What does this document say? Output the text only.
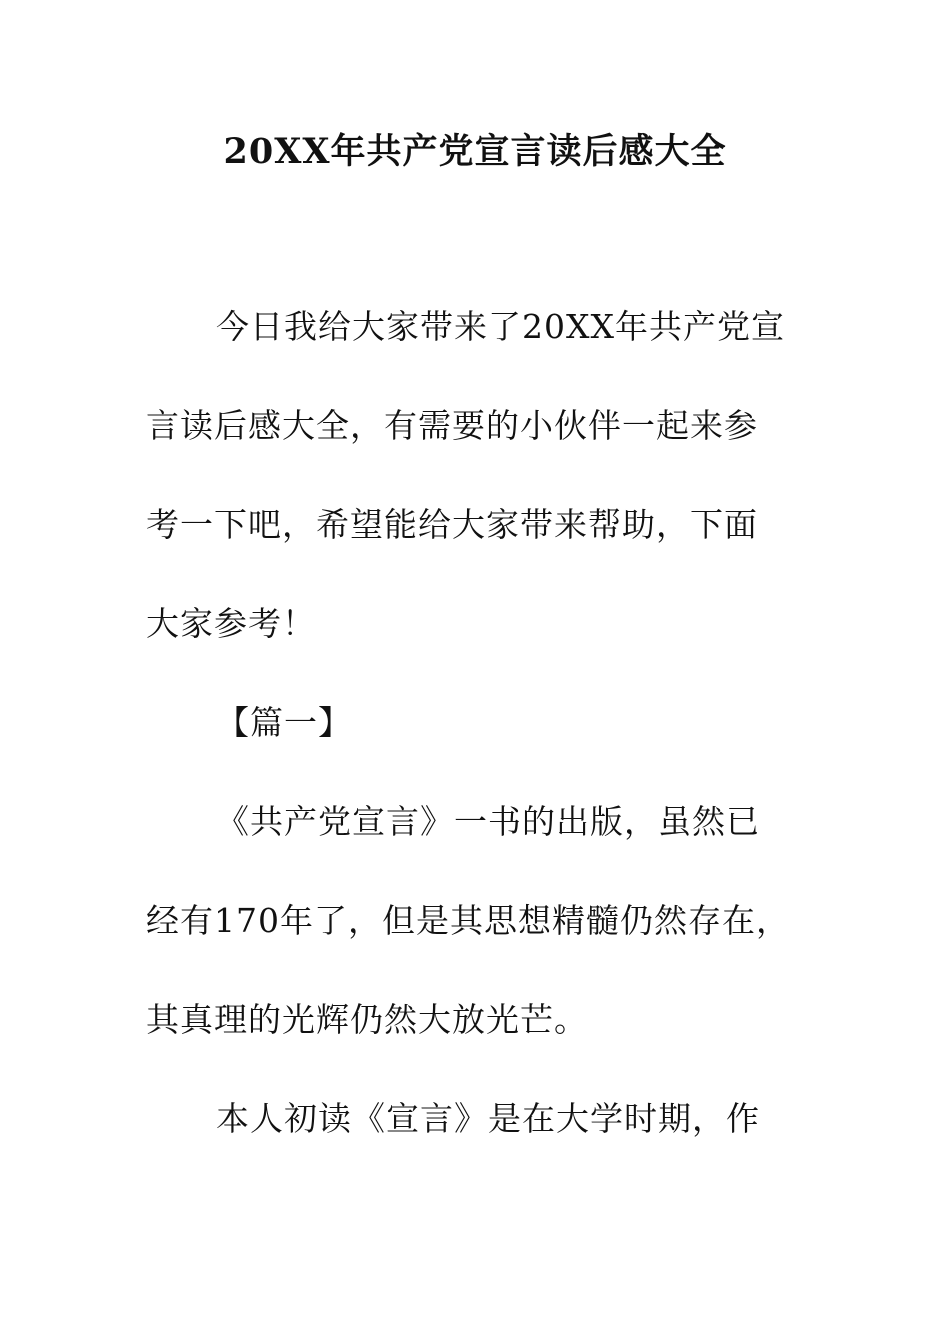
20XX年共产党宣言读后感大全
今日我给大家带来了20XX年共产党宣
言读后感大全，有需要的小伙伴一起来参
考一下吧，希望能给大家带来帮助，下面
大家参考！
【篇一】
《共产党宣言》一书的出版，虽然已
经有170年了，但是其思想精髓仍然存在，
其真理的光辉仍然大放光芒。
本人初读《宣言》是在大学时期，作
